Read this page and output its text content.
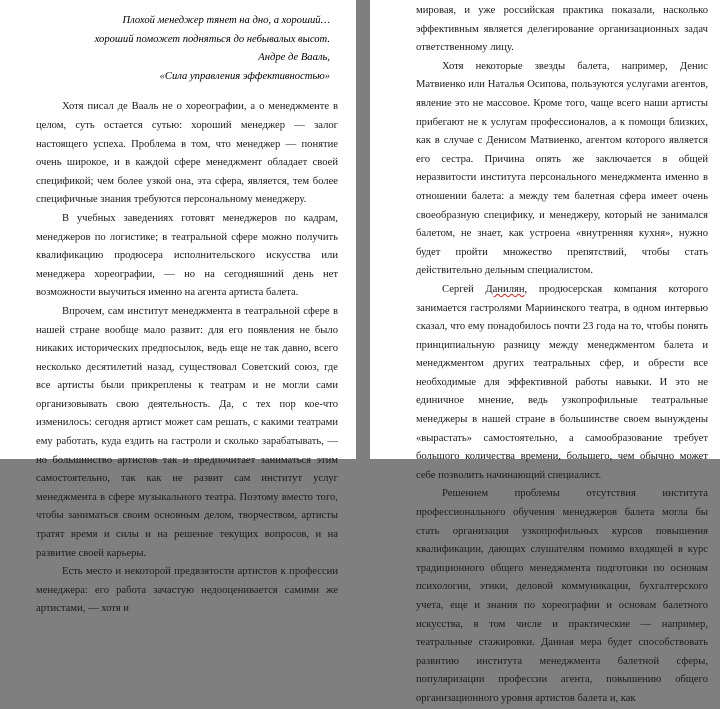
Плохой менеджер тянет на дно, а хороший…
хороший поможет подняться до небывалых высот.
Андре де Вааль,
«Сила управления эффективностью»

Хотя писал де Вааль не о хореографии, а о менеджменте в целом, суть остается сутью: хороший менеджер — залог настоящего успеха. Проблема в том, что менеджер — понятие очень широкое, и в каждой сфере менеджмент обладает своей спецификой; чем более узкой она, эта сфера, является, тем более специфичные знания требуются персональному менеджеру.

В учебных заведениях готовят менеджеров по кадрам, менеджеров по логистике; в театральной сфере можно получить квалификацию продюсера исполнительского искусства или менеджера хореографии, — но на сегодняшний день нет возможности выучиться именно на агента артиста балета.

Впрочем, сам институт менеджмента в театральной сфере в нашей стране вообще мало развит: для его появления не было никаких исторических предпосылок, ведь еще не так давно, всего несколько десятилетий назад, существовал Советский союз, где все артисты были прикреплены к театрам и не могли сами организовывать свою деятельность. Да, с тех пор кое-что изменилось: сегодня артист может сам решать, с какими театрами ему работать, куда ездить на гастроли и сколько зарабатывать, — но большинство артистов так и предпочитает заниматься этим самостоятельно, так как не развит сам институт услуг менеджмента в сфере музыкального театра. Поэтому вместо того, чтобы заниматься своим основным делом, творчеством, артисты тратят время и силы и на решение текущих вопросов, и на развитие своей карьеры.

Есть место и некоторой предвзятости артистов к профессии менеджера: его работа зачастую недооценивается самими же артистами, — хотя и

мировая, и уже российская практика показали, насколько эффективным является делегирование организационных задач ответственному лицу.

Хотя некоторые звезды балета, например, Денис Матвиенко или Наталья Осипова, пользуются услугами агентов, явление это не массовое. Кроме того, чаще всего наши артисты прибегают не к услугам профессионалов, а к помощи близких, как в случае с Денисом Матвиенко, агентом которого является его сестра. Причина опять же заключается в общей неразвитости института персонального менеджмента именно в отношении балета: а между тем балетная сфера имеет очень своеобразную специфику, и менеджеру, который не занимался балетом, не знает, как устроена «внутренняя кухня», нужно будет пройти множество препятствий, чтобы стать действительно дельным специалистом.

Сергей Данилян, продюсерская компания которого занимается гастролями Мариинского театра, в одном интервью сказал, что ему понадобилось почти 23 года на то, чтобы понять принципиальную разницу между менеджментом балета и менеджментом других театральных сфер, и обрести все необходимые для эффективной работы навыки. И это не единичное мнение, ведь узкопрофильные театральные менеджеры в нашей стране в большинстве своем вынуждены «вырастать» самостоятельно, а самообразование требует большого количества времени, большего, чем обычно может себе позволить начинающий специалист.

Решением проблемы отсутствия института профессионального обучения менеджеров балета могла бы стать организация узкопрофильных курсов повышения квалификации, дающих слушателям помимо входящей в курс традиционного общего менеджмента подготовки по основам психологии, этики, деловой коммуникации, бухгалтерского учета, еще и знания по хореографии и основам балетного искусства, в том числе и практические — например, театральные стажировки. Данная мера будет способствовать развитию института менеджмента балетной сферы, популяризации профессии агента, повышению общего организационного уровня артистов балета и, как
